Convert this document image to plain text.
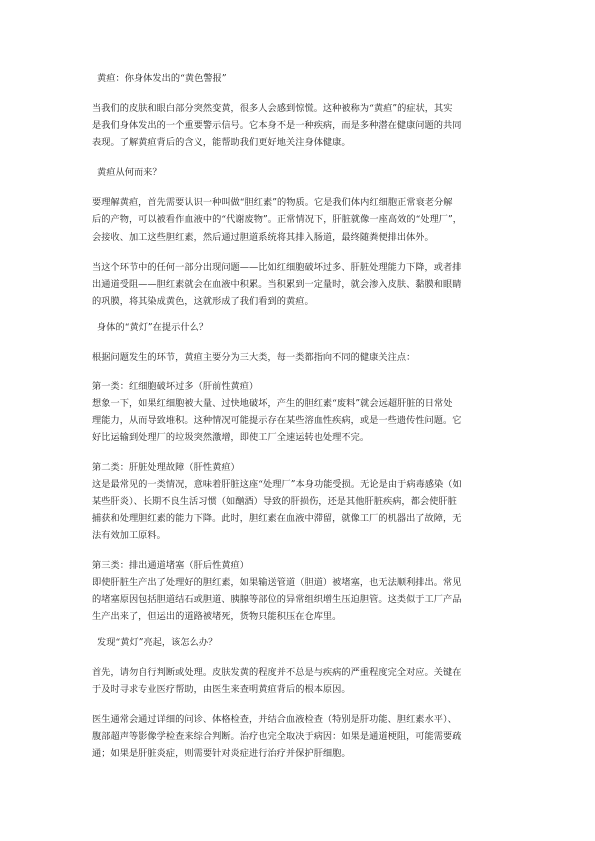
黄疸：你身体发出的“黄色警报”
当我们的皮肤和眼白部分突然变黄，很多人会感到惊慌。这种被称为“黄疸”的症状，其实
是我们身体发出的一个重要警示信号。它本身不是一种疾病，而是多种潜在健康问题的共同
表现。了解黄疸背后的含义，能帮助我们更好地关注身体健康。
黄疸从何而来？
要理解黄疸，首先需要认识一种叫做“胆红素”的物质。它是我们体内红细胞正常衰老分解
后的产物，可以被看作血液中的“代谢废物”。正常情况下，肝脏就像一座高效的“处理厂”，
会接收、加工这些胆红素，然后通过胆道系统将其排入肠道，最终随粪便排出体外。
当这个环节中的任何一部分出现问题——比如红细胞破坏过多、肝脏处理能力下降，或者排
出通道受阻——胆红素就会在血液中积累。当积累到一定量时，就会渗入皮肤、黏膜和眼睛
的巩膜，将其染成黄色，这就形成了我们看到的黄疸。
身体的“黄灯”在提示什么？
根据问题发生的环节，黄疸主要分为三大类，每一类都指向不同的健康关注点：
第一类：红细胞破坏过多（肝前性黄疸）
想象一下，如果红细胞被大量、过快地破坏，产生的胆红素“废料”就会远超肝脏的日常处
理能力，从而导致堆积。这种情况可能提示存在某些溶血性疾病，或是一些遗传性问题。它
好比运输到处理厂的垃圾突然激增，即使工厂全速运转也处理不完。
第二类：肝脏处理故障（肝性黄疸）
这是最常见的一类情况，意味着肝脏这座“处理厂”本身功能受损。无论是由于病毒感染（如
某些肝炎）、长期不良生活习惯（如酗酒）导致的肝损伤，还是其他肝脏疾病，都会使肝脏
捕获和处理胆红素的能力下降。此时，胆红素在血液中滞留，就像工厂的机器出了故障，无
法有效加工原料。
第三类：排出通道堵塞（肝后性黄疸）
即使肝脏生产出了处理好的胆红素，如果输送管道（胆道）被堵塞，也无法顺利排出。常见
的堵塞原因包括胆道结石或胆道、胰腺等部位的异常组织增生压迫胆管。这类似于工厂产品
生产出来了，但运出的道路被堵死，货物只能积压在仓库里。
发现“黄灯”亮起，该怎么办？
首先，请勿自行判断或处理。皮肤发黄的程度并不总是与疾病的严重程度完全对应。关键在
于及时寻求专业医疗帮助，由医生来查明黄疸背后的根本原因。
医生通常会通过详细的问诊、体格检查，并结合血液检查（特别是肝功能、胆红素水平）、
腹部超声等影像学检查来综合判断。治疗也完全取决于病因：如果是通道梗阻，可能需要疏
通；如果是肝脏炎症，则需要针对炎症进行治疗并保护肝细胞。
